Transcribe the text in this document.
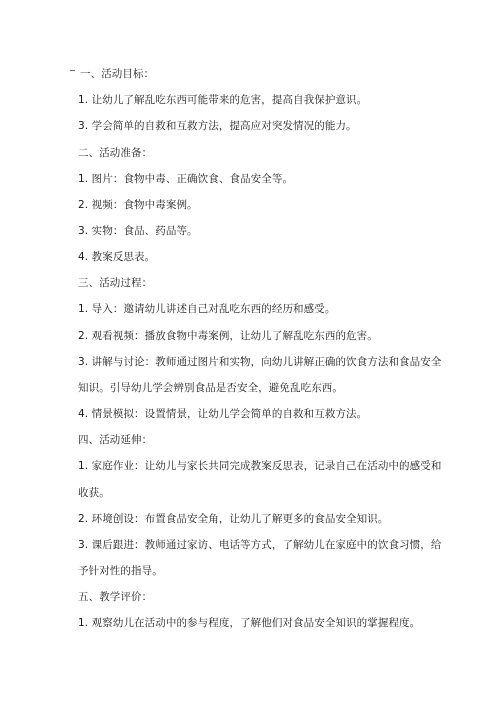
一、活动目标：
1. 让幼儿了解乱吃东西可能带来的危害，提高自我保护意识。
3. 学会简单的自救和互救方法，提高应对突发情况的能力。
二、活动准备：
1. 图片：食物中毒、正确饮食、食品安全等。
2. 视频：食物中毒案例。
3. 实物：食品、药品等。
4. 教案反思表。
三、活动过程：
1. 导入：邀请幼儿讲述自己对乱吃东西的经历和感受。
2. 观看视频：播放食物中毒案例，让幼儿了解乱吃东西的危害。
3. 讲解与讨论：教师通过图片和实物，向幼儿讲解正确的饮食方法和食品安全
知识。引导幼儿学会辨别食品是否安全，避免乱吃东西。
4. 情景模拟：设置情景，让幼儿学会简单的自救和互救方法。
四、活动延伸：
1. 家庭作业：让幼儿与家长共同完成教案反思表，记录自己在活动中的感受和
收获。
2. 环境创设：布置食品安全角，让幼儿了解更多的食品安全知识。
3. 课后跟进：教师通过家访、电话等方式，了解幼儿在家庭中的饮食习惯，给
予针对性的指导。
五、教学评价：
1. 观察幼儿在活动中的参与程度，了解他们对食品安全知识的掌握程度。
